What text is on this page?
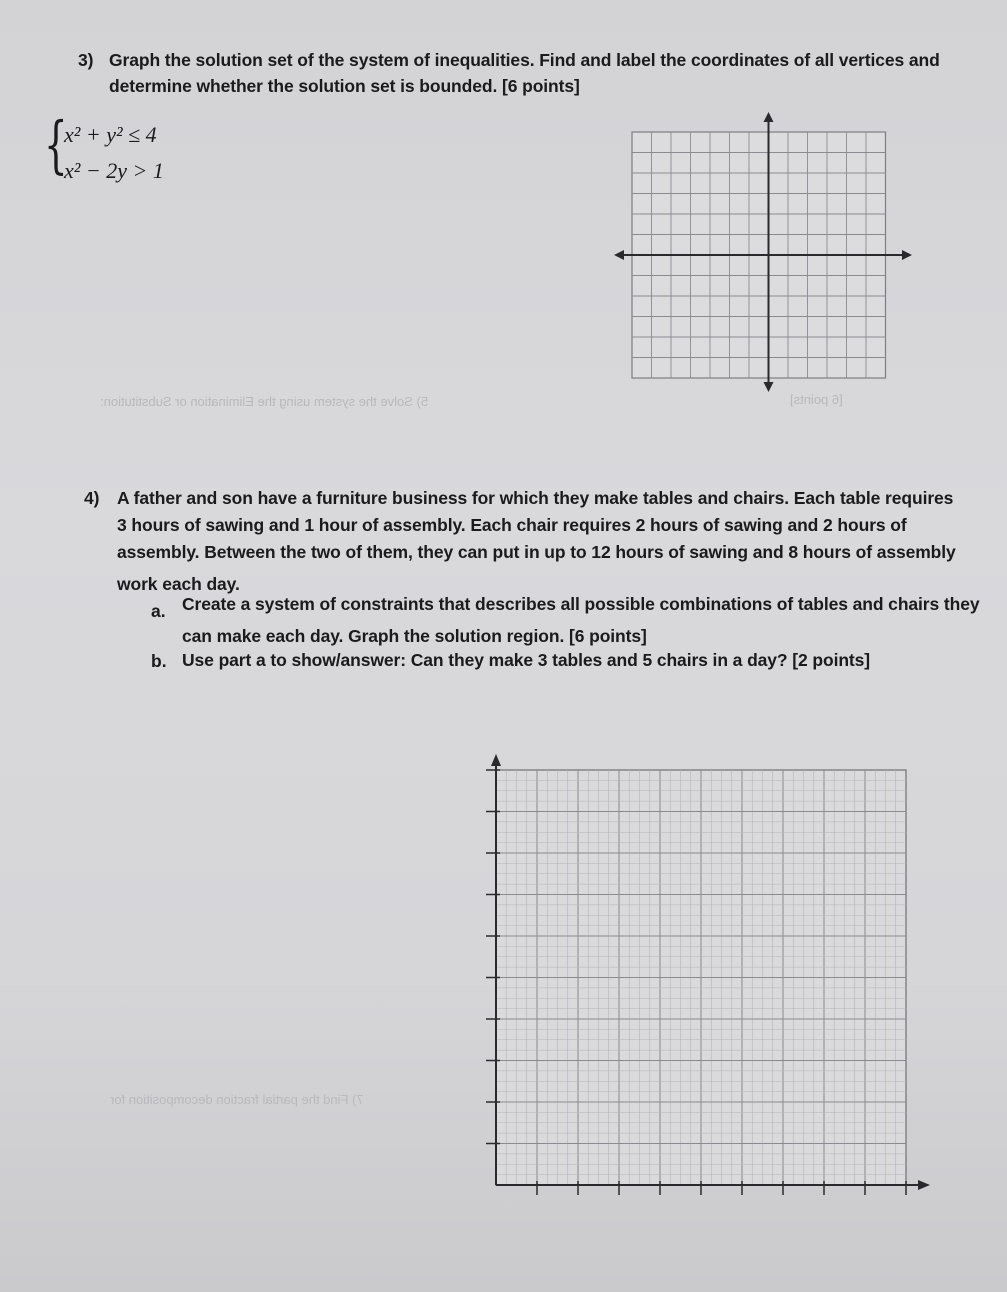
5) Solve the system using the Elimination or Substitution:	[6 points]
7) Find the partial fraction decomposition for
3) Graph the solution set of the system of inequalities. Find and label the coordinates of all vertices and
determine whether the solution set is bounded. [6 points]
{
x² + y² ≤ 4
x² − 2y > 1
4) A father and son have a furniture business for which they make tables and chairs. Each table requires
3 hours of sawing and 1 hour of assembly. Each chair requires 2 hours of sawing and 2 hours of
assembly. Between the two of them, they can put in up to 12 hours of sawing and 8 hours of assembly
work each day.
a. Create a system of constraints that describes all possible combinations of tables and chairs they
can make each day. Graph the solution region. [6 points]
b. Use part a to show/answer: Can they make 3 tables and 5 chairs in a day? [2 points]
